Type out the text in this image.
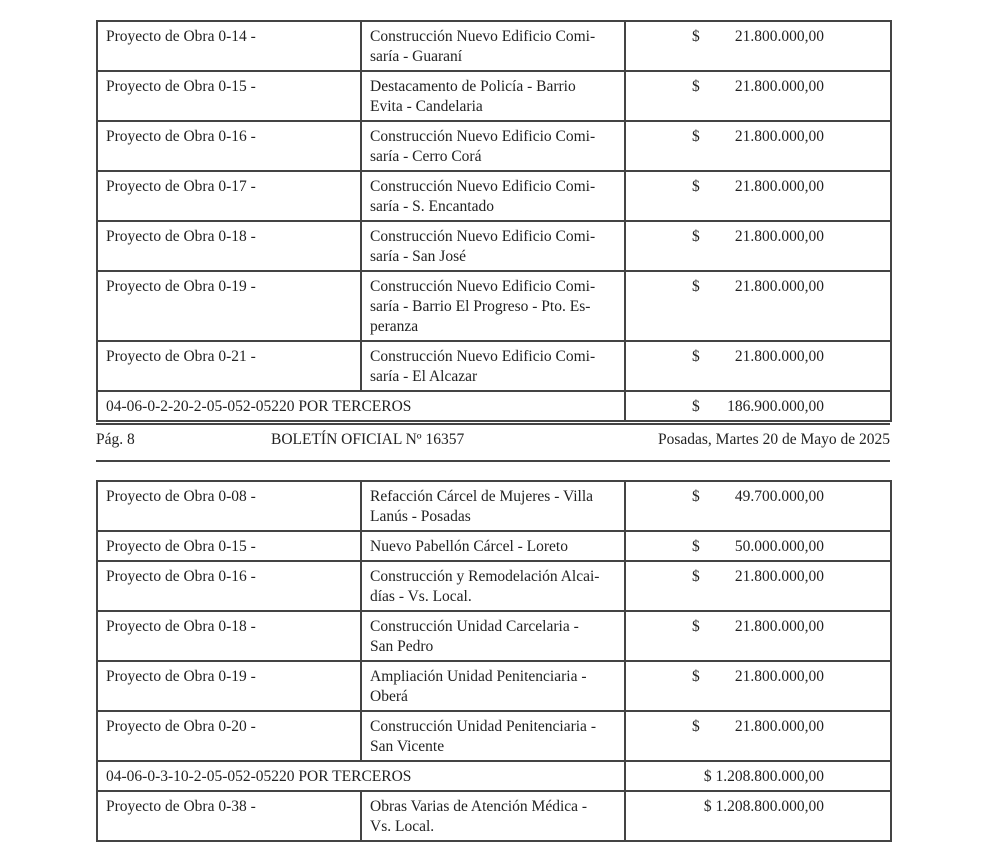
Proyecto de Obra 0-14 -	Construcción Nuevo Edificio Comi-
saría - Guaraní	$ 21.800.000,00

Proyecto de Obra 0-15 -	Destacamento de Policía - Barrio
Evita - Candelaria	$ 21.800.000,00

Proyecto de Obra 0-16 -	Construcción Nuevo Edificio Comi-
saría - Cerro Corá	$ 21.800.000,00

Proyecto de Obra 0-17 -	Construcción Nuevo Edificio Comi-
saría - S. Encantado	$ 21.800.000,00

Proyecto de Obra 0-18 -	Construcción Nuevo Edificio Comi-
saría - San José	$ 21.800.000,00

Proyecto de Obra 0-19 -	Construcción Nuevo Edificio Comi-
saría - Barrio El Progreso - Pto. Es-
peranza	$ 21.800.000,00

Proyecto de Obra 0-21 -	Construcción Nuevo Edificio Comi-
saría - El Alcazar	$ 21.800.000,00

04-06-0-2-20-2-05-052-05220 POR TERCEROS		$ 186.900.000,00
Pág. 8	BOLETÍN OFICIAL Nº 16357	Posadas, Martes 20 de Mayo de 2025
Proyecto de Obra 0-08 -	Refacción Cárcel de Mujeres - Villa
Lanús - Posadas	$ 49.700.000,00

Proyecto de Obra 0-15 -	Nuevo Pabellón Cárcel - Loreto	$ 50.000.000,00

Proyecto de Obra 0-16 -	Construcción y Remodelación Alcai-
días - Vs. Local.	$ 21.800.000,00

Proyecto de Obra 0-18 -	Construcción Unidad Carcelaria -
San Pedro	$ 21.800.000,00

Proyecto de Obra 0-19 -	Ampliación Unidad Penitenciaria -
Oberá	$ 21.800.000,00

Proyecto de Obra 0-20 -	Construcción Unidad Penitenciaria -
San Vicente	$ 21.800.000,00

04-06-0-3-10-2-05-052-05220 POR TERCEROS		$ 1.208.800.000,00

Proyecto de Obra 0-38 -	Obras Varias de Atención Médica -
Vs. Local.	$ 1.208.800.000,00
